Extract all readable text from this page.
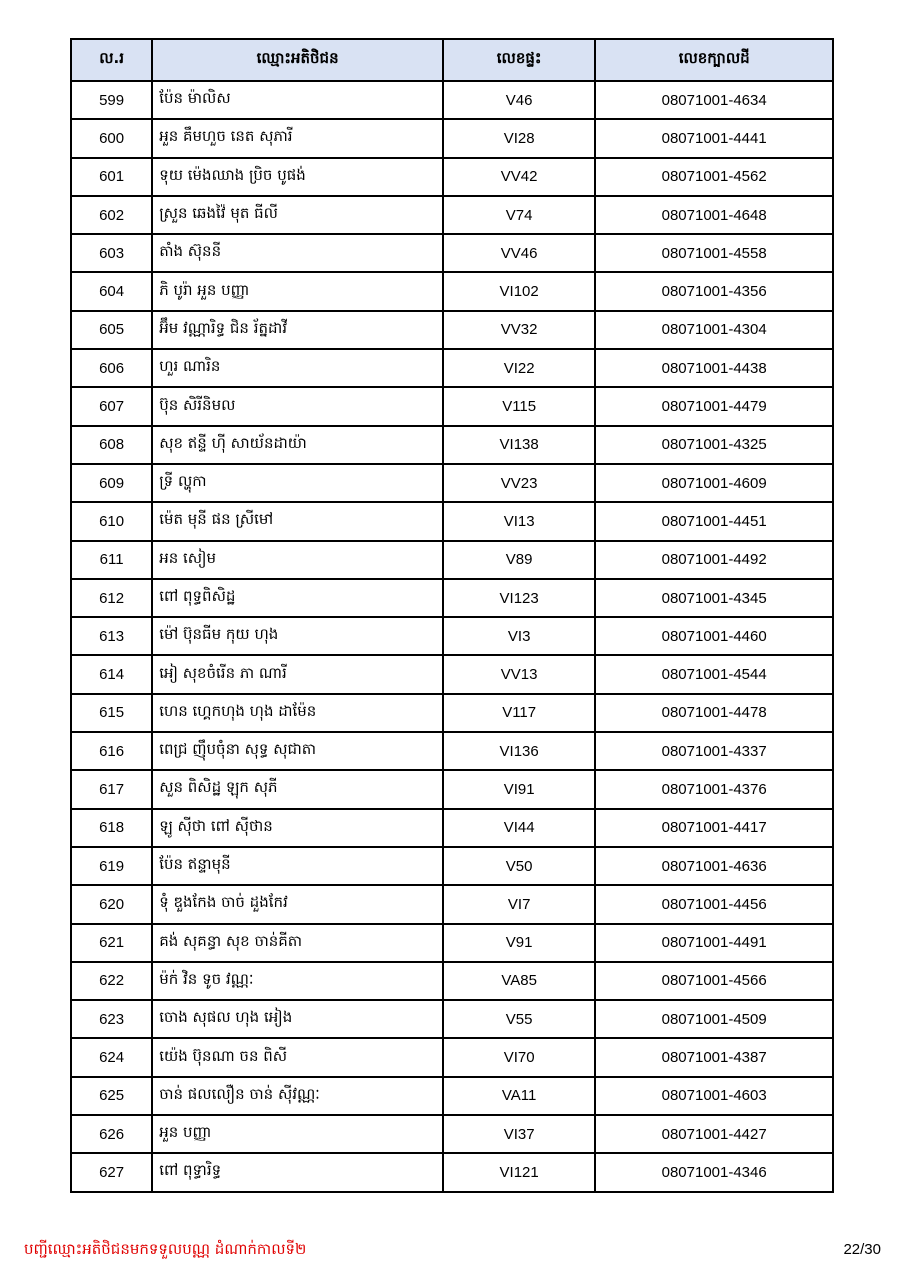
ល.រ	ឈ្មោះអតិថិជន	លេខផ្ទះ	លេខក្បាលដី
599	ប៉ែន ម៉ាលិស	V46	08071001-4634
600	អួន គឹមហួច នេត សុភារី	VI28	08071001-4441
601	ទុយ ម៉េងឈាង ប្រិច បូផង់	VV42	08071001-4562
602	ស្រួន ឆេងវ៉ៃ មុត ធីលី	V74	08071001-4648
603	តាំង ស៊ុននី	VV46	08071001-4558
604	ភិ បូរ៉ា អួន បញ្ញា	VI102	08071001-4356
605	អ៊ឹម វណ្ណារិទ្ធ ជិន រ័ត្នដាវី	VV32	08071001-4304
606	ហួរ ណារិន	VI22	08071001-4438
607	ប៊ុន សិរីនិមល	V115	08071001-4479
608	សុខ ឥន្ទី ហ៊ី សាយ័នដាយ៉ា	VI138	08071001-4325
609	ទ្រី ល្ហុកា	VV23	08071001-4609
610	ម៉េត មុនី ផន ស្រីមៅ	VI13	08071001-4451
611	អន សៀម	V89	08071001-4492
612	ពៅ ពុទ្ធពិសិដ្ឋ	VI123	08071001-4345
613	ម៉ៅ ប៊ុនធីម កុយ ហុង	VI3	08071001-4460
614	អៀ សុខចំរើន ភា ណារី	VV13	08071001-4544
615	ហេន ហ្គេកហុង ហុង ដាម៉ែន	V117	08071001-4478
616	ពេជ្រ ញ៉ឹបចុំនា សុទ្ធ សុជាតា	VI136	08071001-4337
617	សួន ពិសិដ្ឋ ឡុក សុភី	VI91	08071001-4376
618	ឡូ ស៊ីថា ពៅ ស៊ីថាន	VI44	08071001-4417
619	ប៉ែន ឥន្ទាមុនី	V50	08071001-4636
620	ទុំ ឌួងកែង ចាច់ ដួងកែវ	VI7	08071001-4456
621	គង់ សុគន្ធា សុខ ចាន់គីតា	V91	08071001-4491
622	ម៉ក់ វិន ទូច វណ្ណៈ	VA85	08071001-4566
623	ចោង សុផល ហុង អៀង	V55	08071001-4509
624	យ៉េង ប៊ុនណា ចន ពិសី	VI70	08071001-4387
625	ចាន់ ផលលឿន ចាន់ ស៊ីវណ្ណៈ	VA11	08071001-4603
626	អួន បញ្ញា	VI37	08071001-4427
627	ពៅ ពុទ្ធារិទ្ធ	VI121	08071001-4346
បញ្ជីឈ្មោះអតិថិជនមកទទួលបណ្ណ ដំណាក់កាលទី២	22/30
